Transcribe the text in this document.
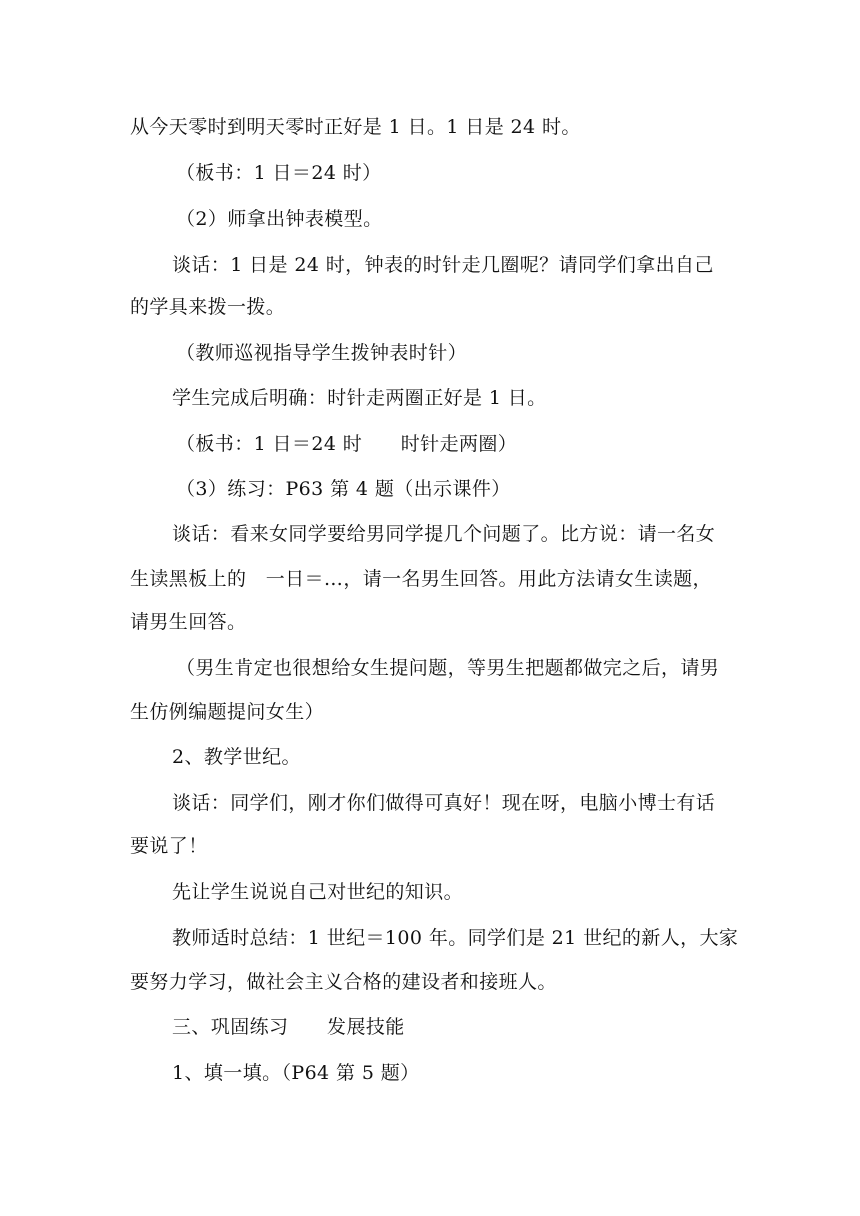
从今天零时到明天零时正好是 1 日。1 日是 24 时。
（板书：1 日＝24 时）
（2）师拿出钟表模型。
谈话：1 日是 24 时，钟表的时针走几圈呢？请同学们拿出自己
的学具来拨一拨。
（教师巡视指导学生拨钟表时针）
学生完成后明确：时针走两圈正好是 1 日。
（板书：1 日＝24 时      时针走两圈）
（3）练习：P63 第 4 题（出示课件）
谈话：看来女同学要给男同学提几个问题了。比方说：请一名女
生读黑板上的   一日＝…，请一名男生回答。用此方法请女生读题，
请男生回答。
（男生肯定也很想给女生提问题，等男生把题都做完之后，请男
生仿例编题提问女生）
2、教学世纪。
谈话：同学们，刚才你们做得可真好！现在呀，电脑小博士有话
要说了！
先让学生说说自己对世纪的知识。
教师适时总结：1 世纪＝100 年。同学们是 21 世纪的新人，大家
要努力学习，做社会主义合格的建设者和接班人。
三、巩固练习      发展技能
1、填一填。（P64 第 5 题）
